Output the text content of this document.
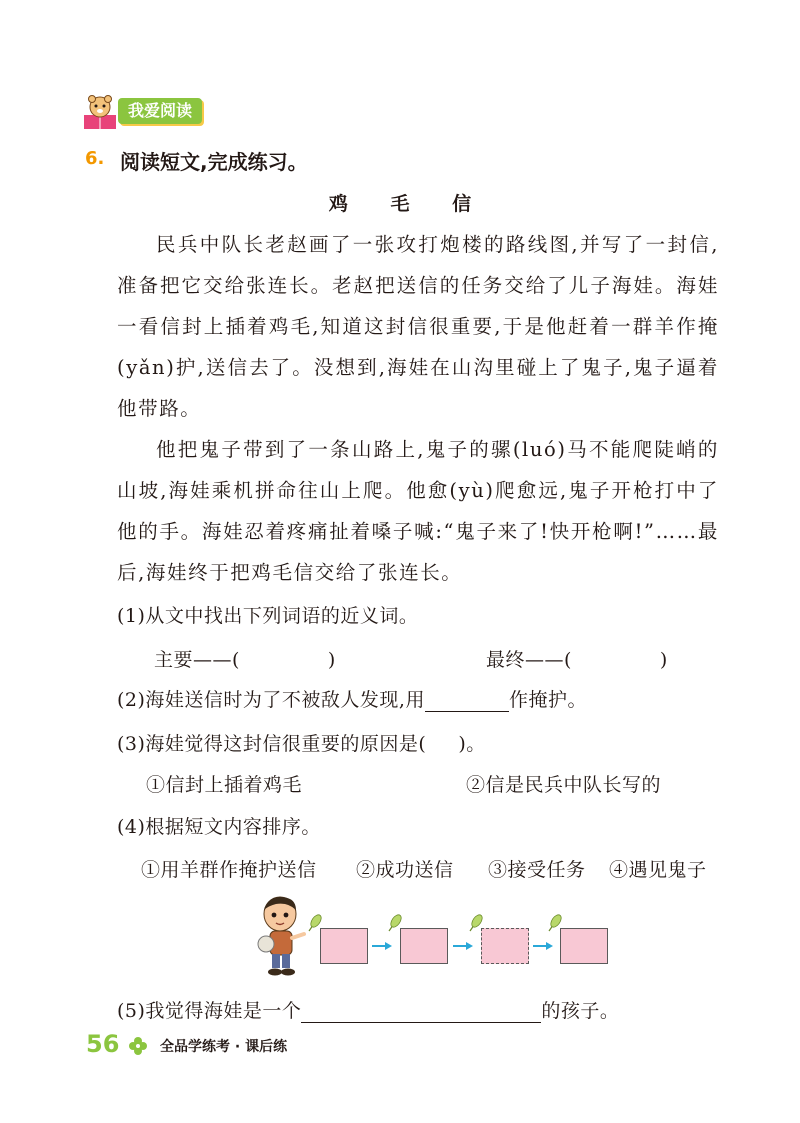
我爱阅读
6. 阅读短文,完成练习。
鸡 毛 信

民兵中队长老赵画了一张攻打炮楼的路线图,并写了一封信,准备把它交给张连长。老赵把送信的任务交给了儿子海娃。海娃一看信封上插着鸡毛,知道这封信很重要,于是他赶着一群羊作掩(yǎn)护,送信去了。没想到,海娃在山沟里碰上了鬼子,鬼子逼着他带路。

他把鬼子带到了一条山路上,鬼子的骡(luó)马不能爬陡峭的山坡,海娃乘机拼命往山上爬。他愈(yù)爬愈远,鬼子开枪打中了他的手。海娃忍着疼痛扯着嗓子喊:“鬼子来了!快开枪啊!”……最后,海娃终于把鸡毛信交给了张连长。

(1)从文中找出下列词语的近义词。
主要——(	)	最终——(	)
(2)海娃送信时为了不被敌人发现,用	作掩护。
(3)海娃觉得这封信很重要的原因是( )。
①信封上插着鸡毛	②信是民兵中队长写的
(4)根据短文内容排序。
①用羊群作掩护送信 ②成功送信 ③接受任务 ④遇见鬼子
(5)我觉得海娃是一个	的孩子。
56	全品学练考 · 课后练
